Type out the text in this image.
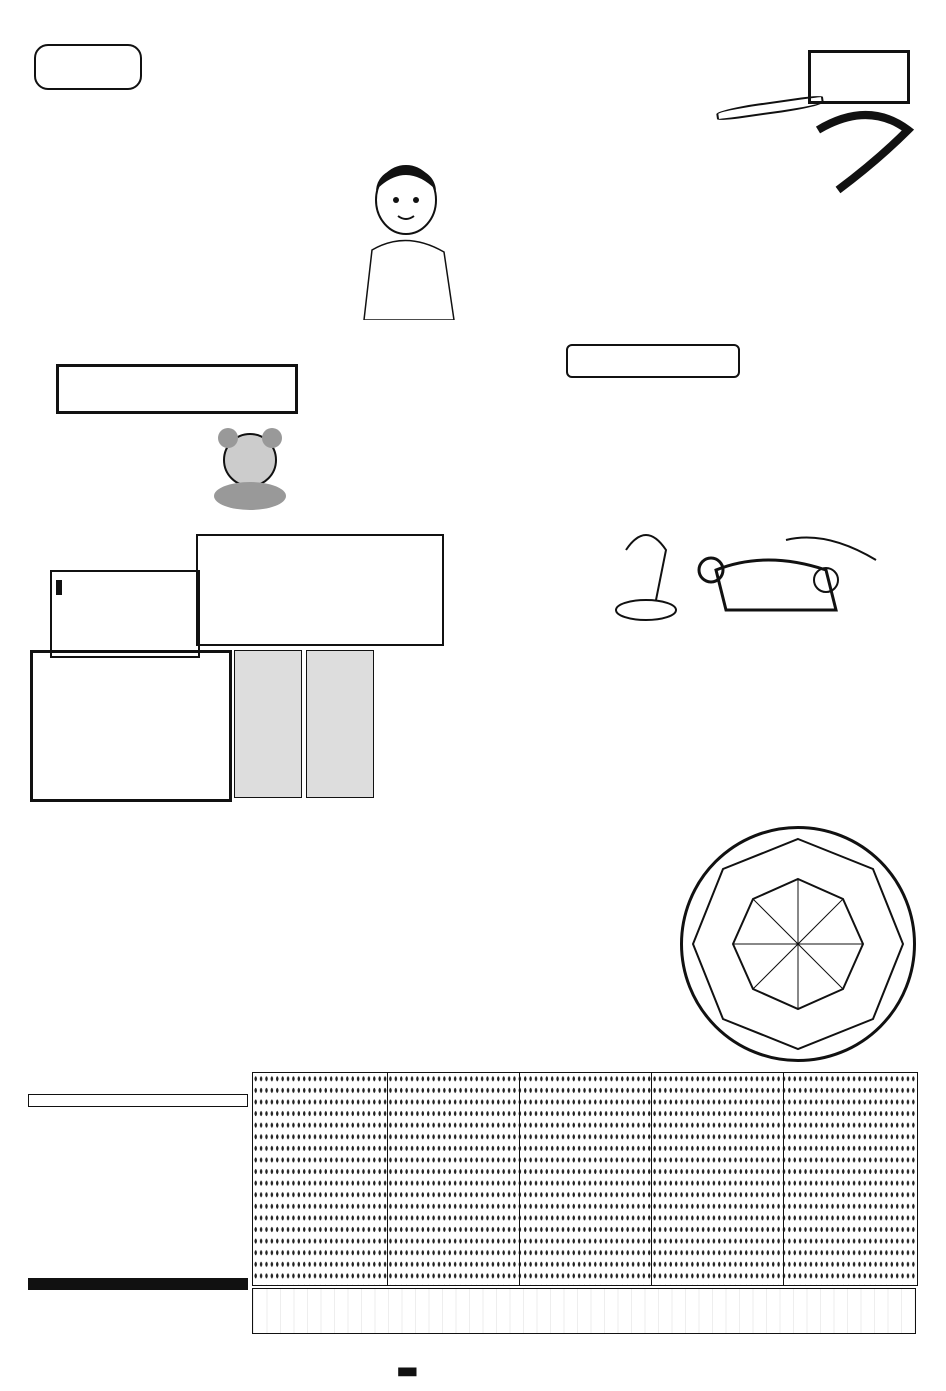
▬
